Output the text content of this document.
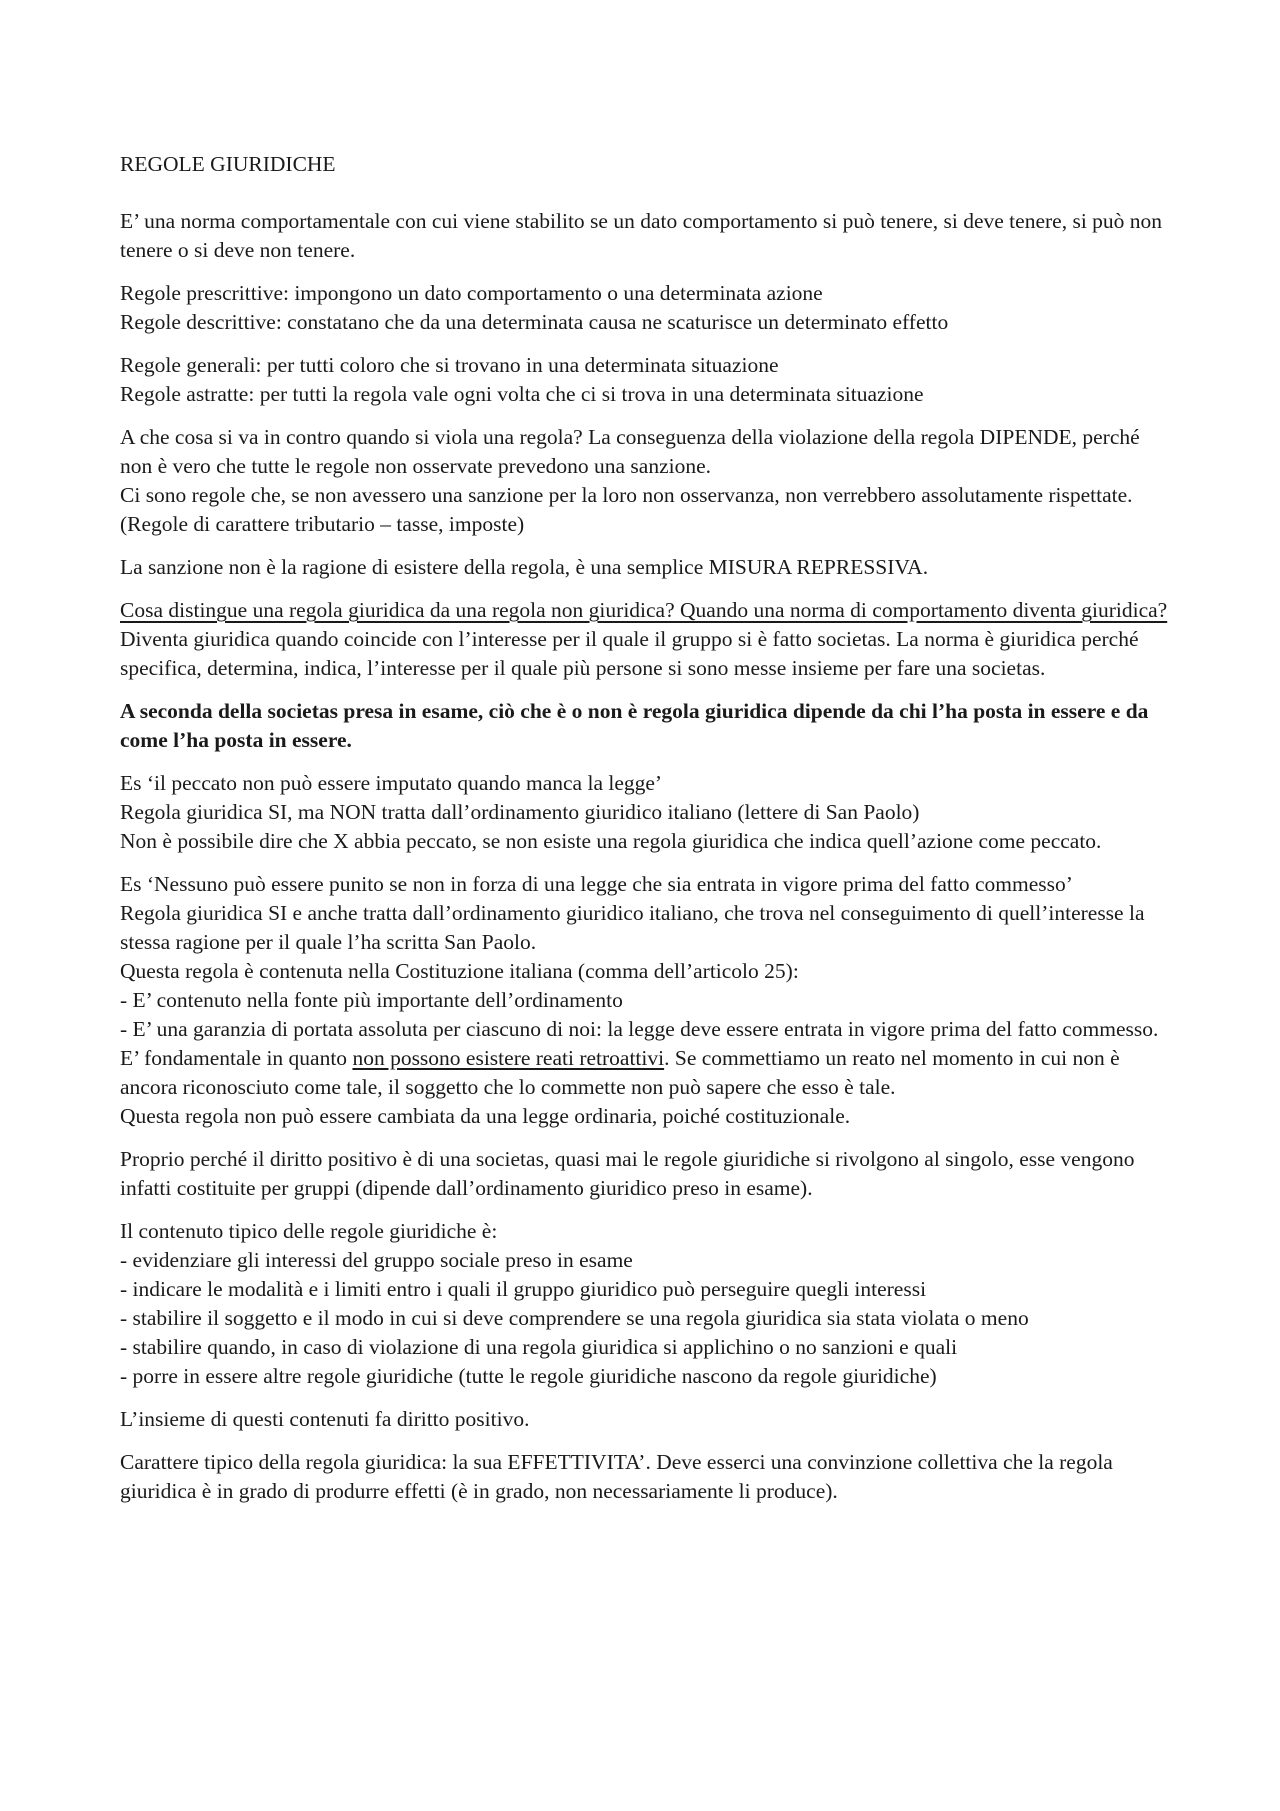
REGOLE GIURIDICHE

E’ una norma comportamentale con cui viene stabilito se un dato comportamento si può tenere, si deve tenere, si può non tenere o si deve non tenere.

Regole prescrittive: impongono un dato comportamento o una determinata azione
Regole descrittive: constatano che da una determinata causa ne scaturisce un determinato effetto

Regole generali: per tutti coloro che si trovano in una determinata situazione
Regole astratte: per tutti la regola vale ogni volta che ci si trova in una determinata situazione

A che cosa si va in contro quando si viola una regola? La conseguenza della violazione della regola DIPENDE, perché non è vero che tutte le regole non osservate prevedono una sanzione.
Ci sono regole che, se non avessero una sanzione per la loro non osservanza, non verrebbero assolutamente rispettate. (Regole di carattere tributario – tasse, imposte)

La sanzione non è la ragione di esistere della regola, è una semplice MISURA REPRESSIVA.

Cosa distingue una regola giuridica da una regola non giuridica? Quando una norma di comportamento diventa giuridica?
Diventa giuridica quando coincide con l’interesse per il quale il gruppo si è fatto societas. La norma è giuridica perché specifica, determina, indica, l’interesse per il quale più persone si sono messe insieme per fare una societas.

A seconda della societas presa in esame, ciò che è o non è regola giuridica dipende da chi l’ha posta in essere e da come l’ha posta in essere.

Es ‘il peccato non può essere imputato quando manca la legge’
Regola giuridica SI, ma NON tratta dall’ordinamento giuridico italiano (lettere di San Paolo)
Non è possibile dire che X abbia peccato, se non esiste una regola giuridica che indica quell’azione come peccato.

Es ‘Nessuno può essere punito se non in forza di una legge che sia entrata in vigore prima del fatto commesso’
Regola giuridica SI e anche tratta dall’ordinamento giuridico italiano, che trova nel conseguimento di quell’interesse la stessa ragione per il quale l’ha scritta San Paolo.
Questa regola è contenuta nella Costituzione italiana (comma dell’articolo 25):
- E’ contenuto nella fonte più importante dell’ordinamento
- E’ una garanzia di portata assoluta per ciascuno di noi: la legge deve essere entrata in vigore prima del fatto commesso. E’ fondamentale in quanto non possono esistere reati retroattivi. Se commettiamo un reato nel momento in cui non è ancora riconosciuto come tale, il soggetto che lo commette non può sapere che esso è tale.
Questa regola non può essere cambiata da una legge ordinaria, poiché costituzionale.

Proprio perché il diritto positivo è di una societas, quasi mai le regole giuridiche si rivolgono al singolo, esse vengono infatti costituite per gruppi (dipende dall’ordinamento giuridico preso in esame).

Il contenuto tipico delle regole giuridiche è:
- evidenziare gli interessi del gruppo sociale preso in esame
- indicare le modalità e i limiti entro i quali il gruppo giuridico può perseguire quegli interessi
- stabilire il soggetto e il modo in cui si deve comprendere se una regola giuridica sia stata violata o meno
- stabilire quando, in caso di violazione di una regola giuridica si applichino o no sanzioni e quali
- porre in essere altre regole giuridiche (tutte le regole giuridiche nascono da regole giuridiche)

L’insieme di questi contenuti fa diritto positivo.

Carattere tipico della regola giuridica: la sua EFFETTIVITA’. Deve esserci una convinzione collettiva che la regola giuridica è in grado di produrre effetti (è in grado, non necessariamente li produce).
